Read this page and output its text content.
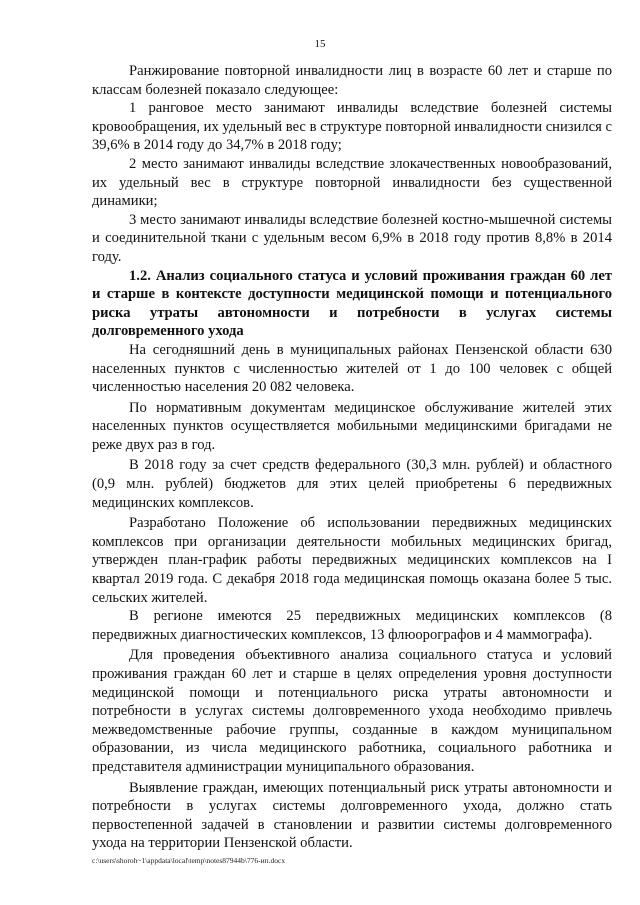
15

Ранжирование повторной инвалидности лиц в возрасте 60 лет и старше по классам болезней показало следующее:

1 ранговое место занимают инвалиды вследствие болезней системы кровообращения, их удельный вес в структуре повторной инвалидности снизился с 39,6% в 2014 году до 34,7% в 2018 году;

2 место занимают инвалиды вследствие злокачественных новообразований, их удельный вес в структуре повторной инвалидности без существенной динамики;

3 место занимают инвалиды вследствие болезней костно-мышечной системы и соединительной ткани с удельным весом 6,9% в 2018 году против 8,8% в 2014 году.

1.2. Анализ социального статуса и условий проживания граждан 60 лет и старше в контексте доступности медицинской помощи и потенциального риска утраты автономности и потребности в услугах системы долговременного ухода

На сегодняшний день в муниципальных районах Пензенской области 630 населенных пунктов с численностью жителей от 1 до 100 человек с общей численностью населения 20 082 человека.

По нормативным документам медицинское обслуживание жителей этих населенных пунктов осуществляется мобильными медицинскими бригадами не реже двух раз в год.

В 2018 году за счет средств федерального (30,3 млн. рублей) и областного (0,9 млн. рублей) бюджетов для этих целей приобретены 6 передвижных медицинских комплексов.

Разработано Положение об использовании передвижных медицинских комплексов при организации деятельности мобильных медицинских бригад, утвержден план-график работы передвижных медицинских комплексов на I квартал 2019 года. С декабря 2018 года медицинская помощь оказана более 5 тыс. сельских жителей.

В регионе имеются 25 передвижных медицинских комплексов (8 передвижных диагностических комплексов, 13 флюорографов и 4 маммографа).

Для проведения объективного анализа социального статуса и условий проживания граждан 60 лет и старше в целях определения уровня доступности медицинской помощи и потенциального риска утраты автономности и потребности в услугах системы долговременного ухода необходимо привлечь межведомственные рабочие группы, созданные в каждом муниципальном образовании, из числа медицинского работника, социального работника и представителя администрации муниципального образования.

Выявление граждан, имеющих потенциальный риск утраты автономности и потребности в услугах системы долговременного ухода, должно стать первостепенной задачей в становлении и развитии системы долговременного ухода на территории Пензенской области.

c:\users\shoroh~1\appdata\local\temp\notes87944b\776-ип.docx
